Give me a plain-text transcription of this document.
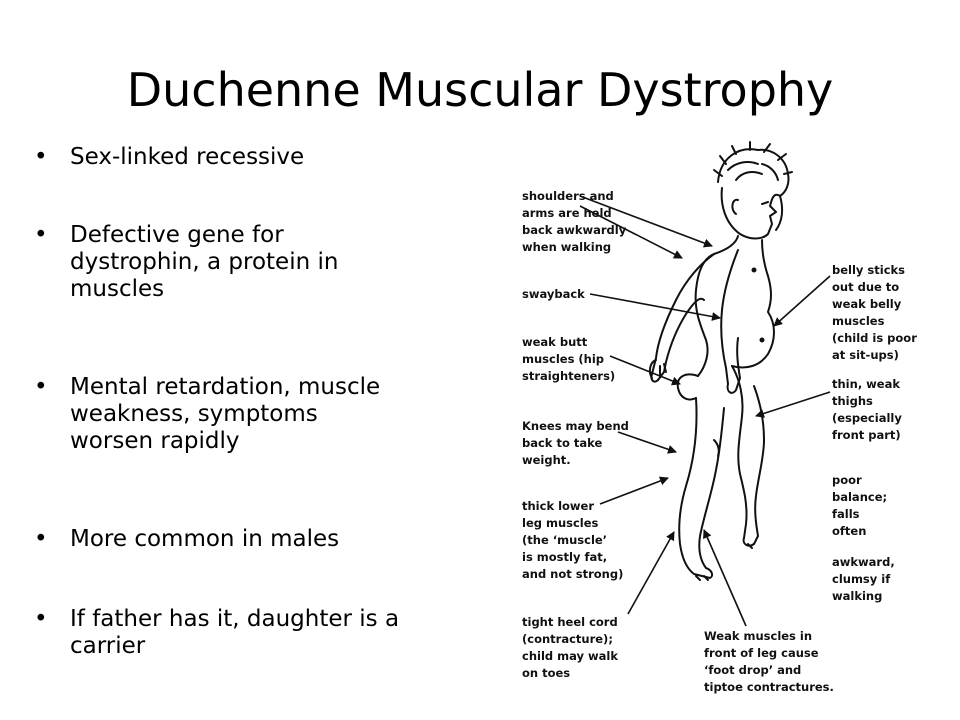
Duchenne Muscular Dystrophy
• Sex-linked recessive
• Defective gene for
dystrophin, a protein in
muscles
• Mental retardation, muscle
weakness, symptoms
worsen rapidly
• More common in males
• If father has it, daughter is a
carrier
shoulders and arms are held back awkwardly when walking
swayback
weak butt muscles (hip straighteners)
Knees may bend back to take weight.
thick lower leg muscles (the ‘muscle’ is mostly fat, and not strong)
tight heel cord (contracture); child may walk on toes
Weak muscles in front of leg cause ‘foot drop’ and tiptoe contractures.
belly sticks out due to weak belly muscles (child is poor at sit-ups)
thin, weak thighs (especially front part)
poor balance; falls often
awkward, clumsy if walking
